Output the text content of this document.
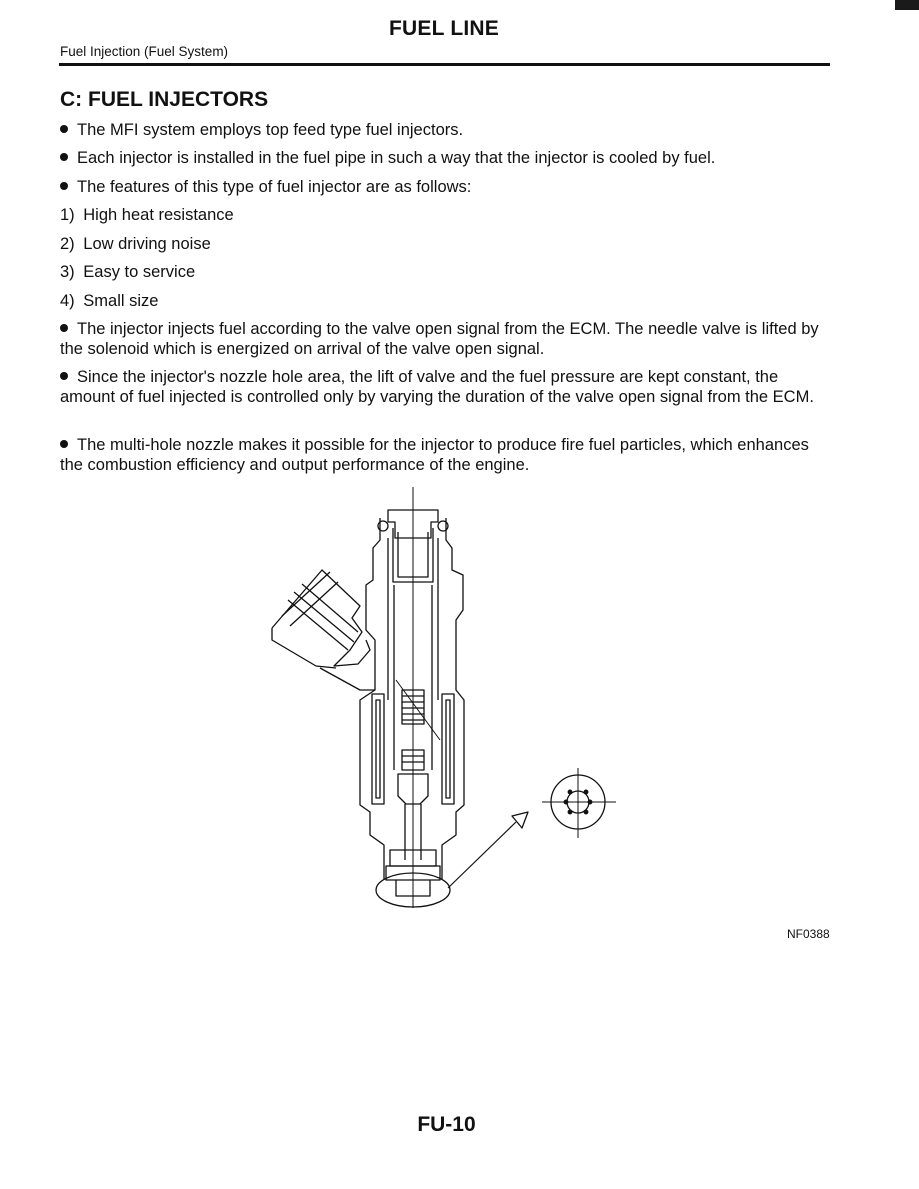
FUEL LINE
Fuel Injection (Fuel System)
C: FUEL INJECTORS

The MFI system employs top feed type fuel injectors.

Each injector is installed in the fuel pipe in such a way that the injector is cooled by fuel.

The features of this type of fuel injector are as follows:

1) High heat resistance

2) Low driving noise

3) Easy to service

4) Small size

The injector injects fuel according to the valve open signal from the ECM. The needle valve is lifted by the solenoid which is energized on arrival of the valve open signal.

Since the injector's nozzle hole area, the lift of valve and the fuel pressure are kept constant, the amount of fuel injected is controlled only by varying the duration of the valve open signal from the ECM.

The multi-hole nozzle makes it possible for the injector to produce fire fuel particles, which enhances the combustion efficiency and output performance of the engine.

NF0388
FU-10
